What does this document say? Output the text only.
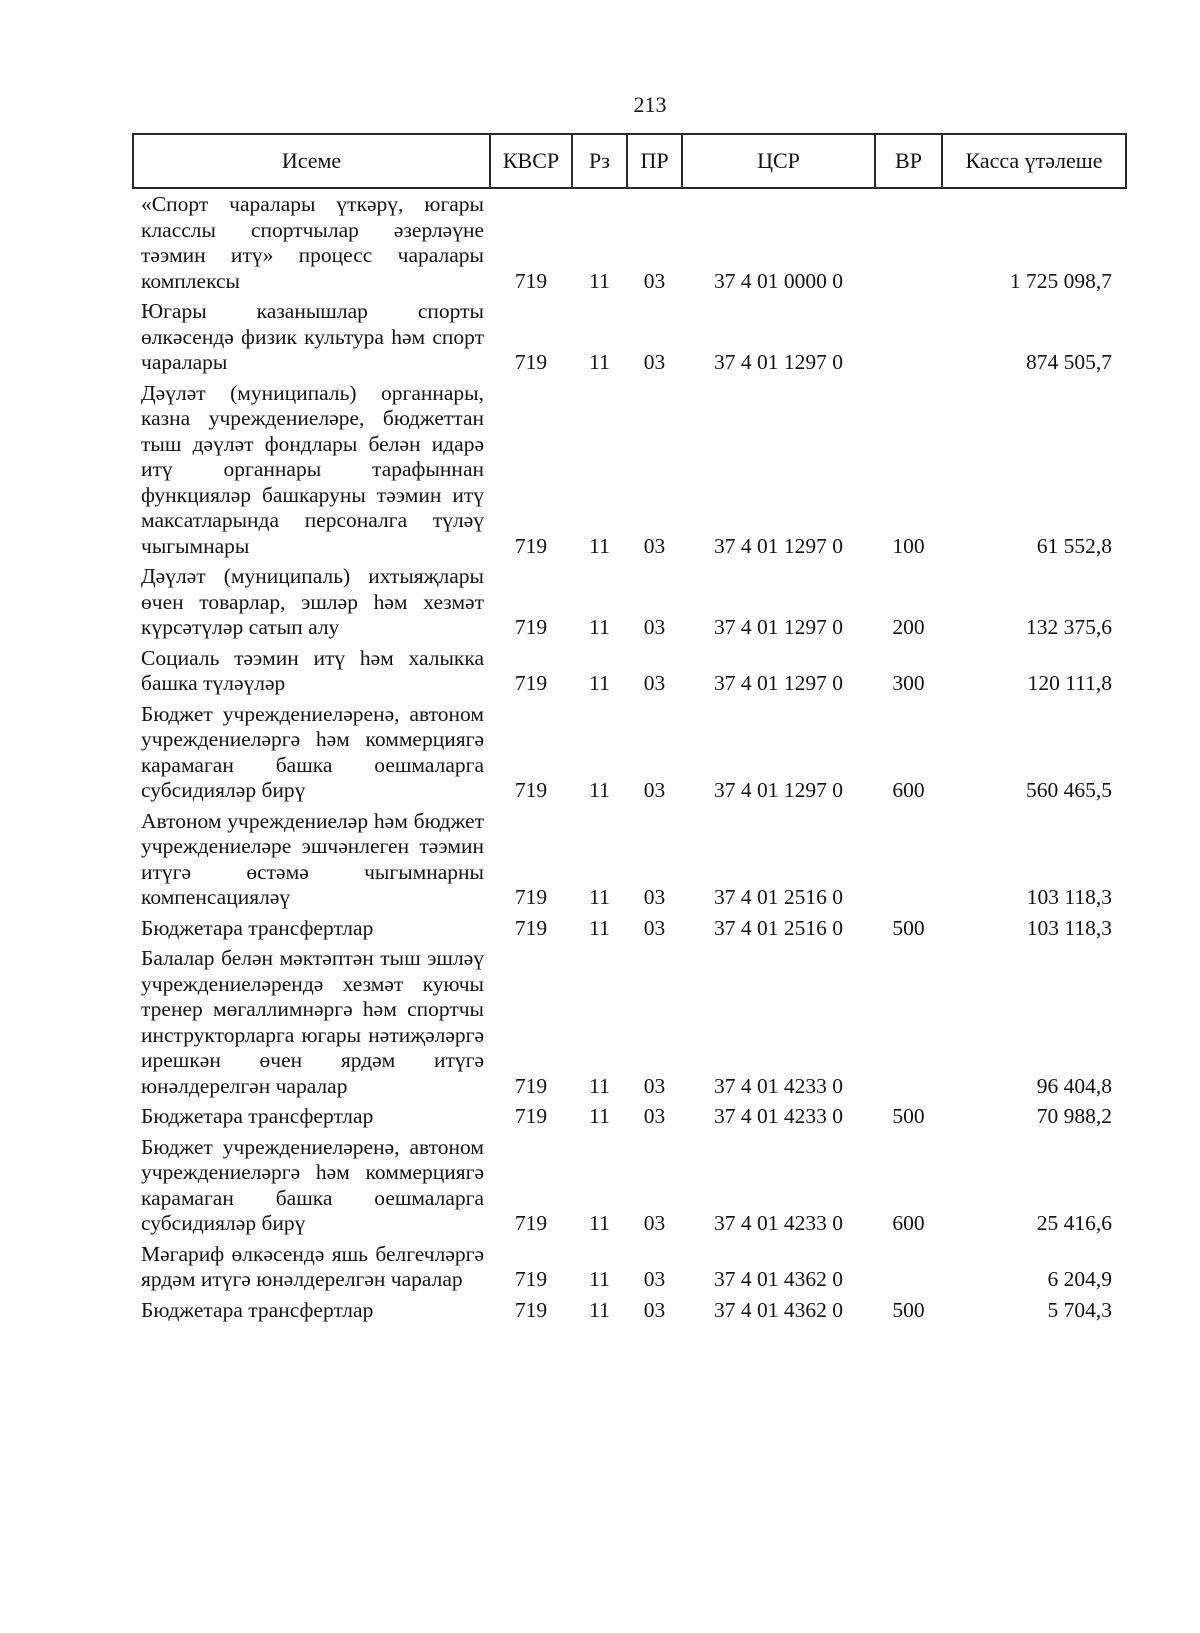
213
Исеме	КВСР	Рз	ПР	ЦСР	ВР	Касса үтәлеше
«Спорт чаралары үткәрү, югары класслы спортчылар әзерләүне тәэмин итү» процесс чаралары комплексы	719	11	03	37 4 01 0000 0		1 725 098,7
Югары казанышлар спорты өлкәсендә физик культура һәм спорт чаралары	719	11	03	37 4 01 1297 0		874 505,7
Дәүләт (муниципаль) органнары, казна учреждениеләре, бюджеттан тыш дәүләт фондлары белән идарә итү органнары тарафыннан функцияләр башкаруны тәэмин итү максатларында персоналга түләү чыгымнары	719	11	03	37 4 01 1297 0	100	61 552,8
Дәүләт (муниципаль) ихтыяҗлары өчен товарлар, эшләр һәм хезмәт күрсәтүләр сатып алу	719	11	03	37 4 01 1297 0	200	132 375,6
Социаль тәэмин итү һәм халыкка башка түләүләр	719	11	03	37 4 01 1297 0	300	120 111,8
Бюджет учреждениеләренә, автоном учреждениеләргә һәм коммерциягә карамаган башка оешмаларга субсидияләр бирү	719	11	03	37 4 01 1297 0	600	560 465,5
Автоном учреждениеләр һәм бюджет учреждениеләре эшчәнлеген тәэмин итүгә өстәмә чыгымнарны компенсацияләү	719	11	03	37 4 01 2516 0		103 118,3
Бюджетара трансфертлар	719	11	03	37 4 01 2516 0	500	103 118,3
Балалар белән мәктәптән тыш эшләү учреждениеләрендә хезмәт куючы тренер мөгаллимнәргә һәм спортчы инструкторларга югары нәтиҗәләргә ирешкән өчен ярдәм итүгә юнәлдерелгән чаралар	719	11	03	37 4 01 4233 0		96 404,8
Бюджетара трансфертлар	719	11	03	37 4 01 4233 0	500	70 988,2
Бюджет учреждениеләренә, автоном учреждениеләргә һәм коммерциягә карамаган башка оешмаларга субсидияләр бирү	719	11	03	37 4 01 4233 0	600	25 416,6
Мәгариф өлкәсендә яшь белгечләргә ярдәм итүгә юнәлдерелгән чаралар	719	11	03	37 4 01 4362 0		6 204,9
Бюджетара трансфертлар	719	11	03	37 4 01 4362 0	500	5 704,3
